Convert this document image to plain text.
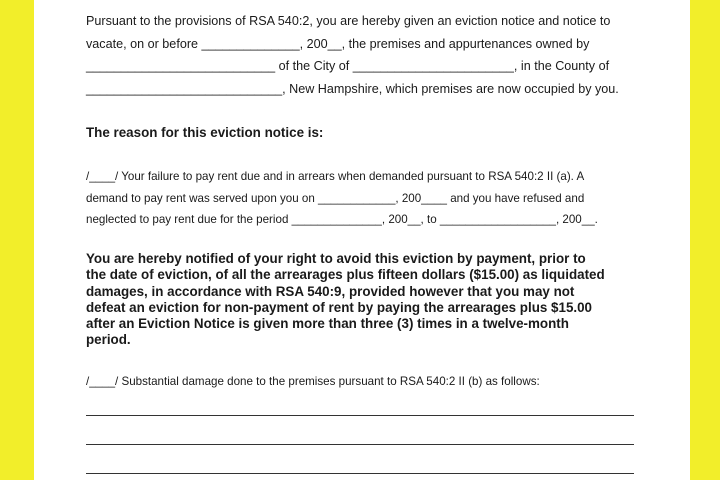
Pursuant to the provisions of RSA 540:2, you are hereby given an eviction notice and notice to
vacate, on or before ______________, 200__, the premises and appurtenances owned by
___________________________ of the City of _______________________, in the County of
____________________________, New Hampshire, which premises are now occupied by you.
The reason for this eviction notice is:
/____/ Your failure to pay rent due and in arrears when demanded pursuant to RSA 540:2 II (a). A
demand to pay rent was served upon you on ____________, 200____ and you have refused and
neglected to pay rent due for the period ______________, 200__, to __________________, 200__.
You are hereby notified of your right to avoid this eviction by payment, prior to
the date of eviction, of all the arrearages plus fifteen dollars ($15.00) as liquidated
damages, in accordance with RSA 540:9, provided however that you may not
defeat an eviction for non-payment of rent by paying the arrearages plus $15.00
after an Eviction Notice is given more than three (3) times in a twelve-month
period.
/____/ Substantial damage done to the premises pursuant to RSA 540:2 II (b) as follows:
